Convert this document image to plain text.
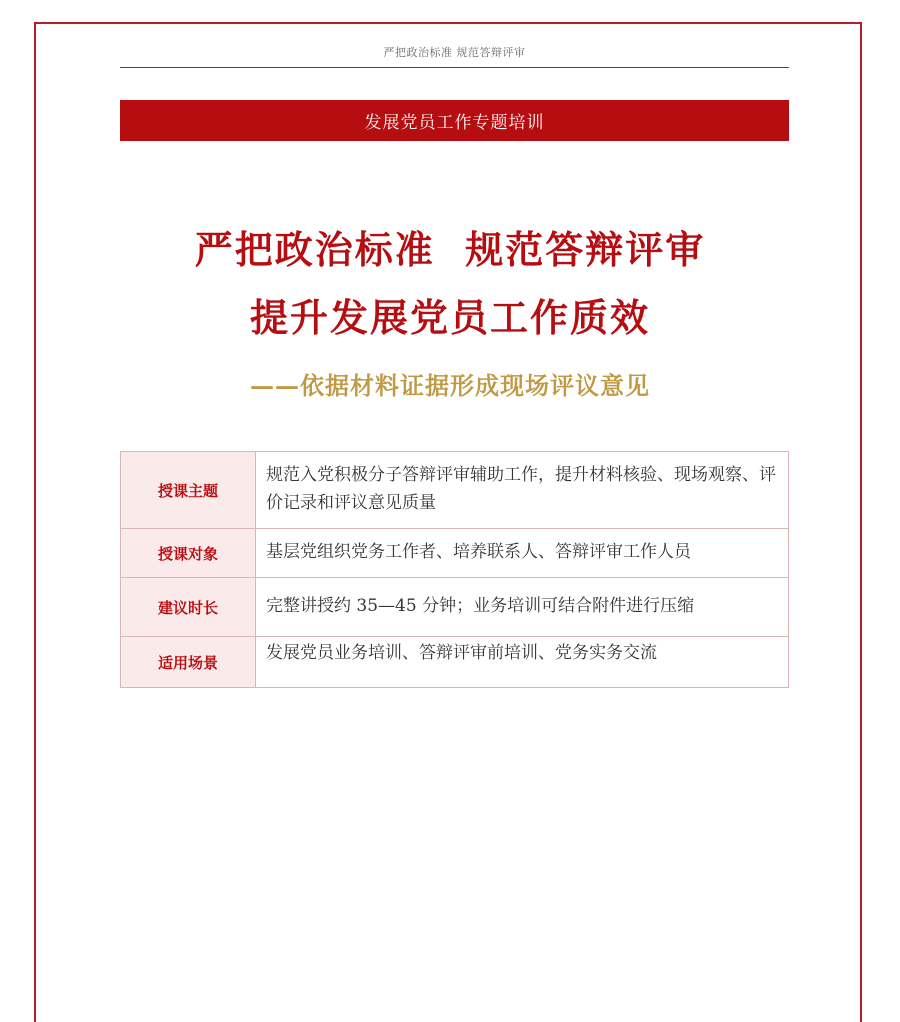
严把政治标准 规范答辩评审
发展党员工作专题培训
严把政治标准  规范答辩评审
提升发展党员工作质效
——依据材料证据形成现场评议意见
授课主题	规范入党积极分子答辩评审辅助工作，提升材料核验、现场观察、评价记录和评议意见质量
授课对象	基层党组织党务工作者、培养联系人、答辩评审工作人员
建议时长	完整讲授约 35—45 分钟；业务培训可结合附件进行压缩
适用场景	发展党员业务培训、答辩评审前培训、党务实务交流
